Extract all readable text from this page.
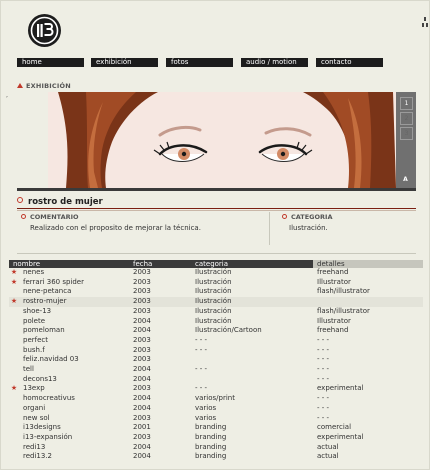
home	exhibición	fotos	audio / motion	contacto
EXHIBICIÓN
‚
1
2
3
A
rostro de mujer
COMENTARIO
Realizado con el proposito de mejorar la técnica.
CATEGORIA
Ilustración.
nombre		fecha	categoria	detalles
★	nenes	2003	Ilustración	freehand
★	ferrari 360 spider	2003	Ilustración	Illustrator
	nene-petanca	2003	Ilustración	flash/illustrator
★	rostro-mujer	2003	Ilustración	
	shoe-13	2003	Ilustración	flash/illustrator
	polete	2004	Ilustración	Illustrator
	pomeloman	2004	Ilustración/Cartoon	freehand
	perfect	2003	- - -	- - -
	bush.f	2003	- - -	- - -
	feliz.navidad 03	2003		- - -
	tell	2004	- - -	- - -
	decons13	2004		- - -
★	13exp	2003	- - -	experimental
	homocreativus	2004	varios/print	- - -
	organi	2004	varios	- - -
	new sol	2003	varios	- - -
	i13designs	2001	branding	comercial
	i13-expansión	2003	branding	experimental
	redi13	2004	branding	actual
	redi13.2	2004	branding	actual
